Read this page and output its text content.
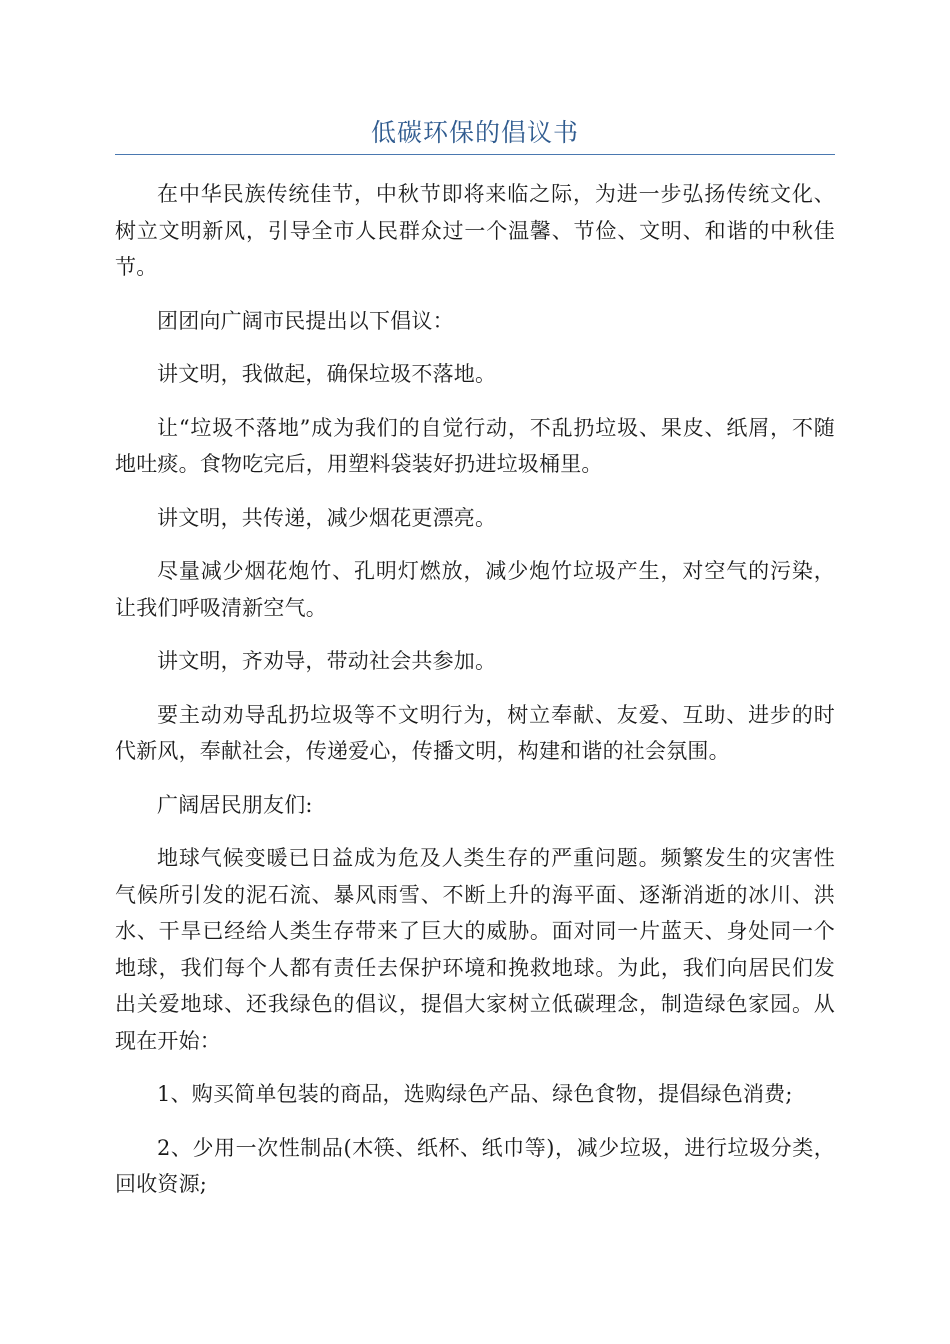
低碳环保的倡议书

在中华民族传统佳节，中秋节即将来临之际，为进一步弘扬传统文化、树立文明新风，引导全市人民群众过一个温馨、节俭、文明、和谐的中秋佳节。

团团向广阔市民提出以下倡议：

讲文明，我做起，确保垃圾不落地。

让“垃圾不落地”成为我们的自觉行动，不乱扔垃圾、果皮、纸屑，不随地吐痰。食物吃完后，用塑料袋装好扔进垃圾桶里。

讲文明，共传递，减少烟花更漂亮。

尽量减少烟花炮竹、孔明灯燃放，减少炮竹垃圾产生，对空气的污染，让我们呼吸清新空气。

讲文明，齐劝导，带动社会共参加。

要主动劝导乱扔垃圾等不文明行为，树立奉献、友爱、互助、进步的时代新风，奉献社会，传递爱心，传播文明，构建和谐的社会氛围。

广阔居民朋友们:

地球气候变暖已日益成为危及人类生存的严重问题。频繁发生的灾害性气候所引发的泥石流、暴风雨雪、不断上升的海平面、逐渐消逝的冰川、洪水、干旱已经给人类生存带来了巨大的威胁。面对同一片蓝天、身处同一个地球，我们每个人都有责任去保护环境和挽救地球。为此，我们向居民们发出关爱地球、还我绿色的倡议，提倡大家树立低碳理念，制造绿色家园。从现在开始：

1、购买简单包装的商品，选购绿色产品、绿色食物，提倡绿色消费;

2、少用一次性制品(木筷、纸杯、纸巾等)，减少垃圾，进行垃圾分类，回收资源;
